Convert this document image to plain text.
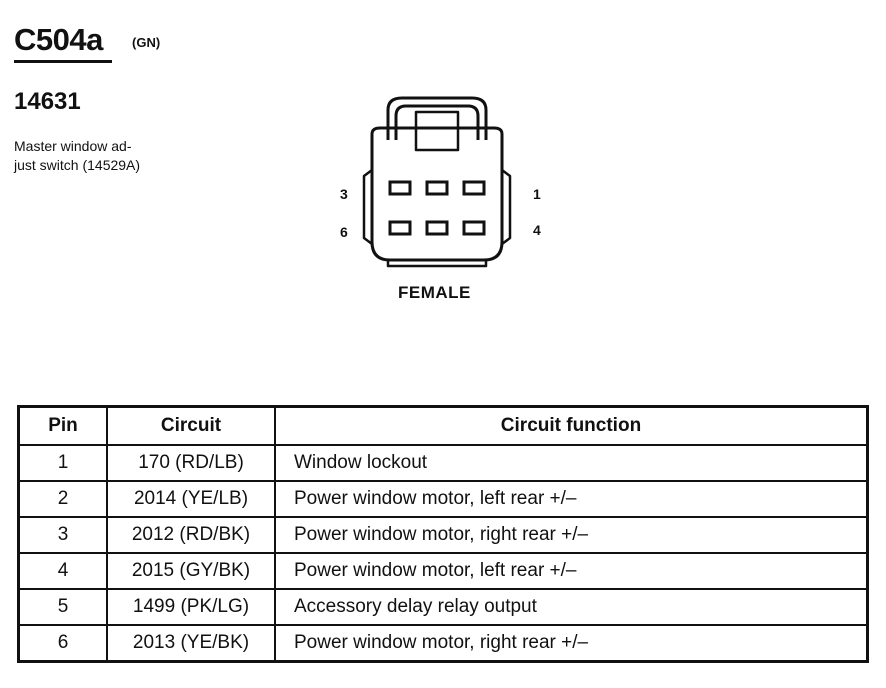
C504a (GN)
14631
Master window ad-
just switch (14529A)
3	1
6	4
FEMALE
Pin	Circuit	Circuit function
1	170 (RD/LB)	Window lockout
2	2014 (YE/LB)	Power window motor, left rear +/–
3	2012 (RD/BK)	Power window motor, right rear +/–
4	2015 (GY/BK)	Power window motor, left rear +/–
5	1499 (PK/LG)	Accessory delay relay output
6	2013 (YE/BK)	Power window motor, right rear +/–
